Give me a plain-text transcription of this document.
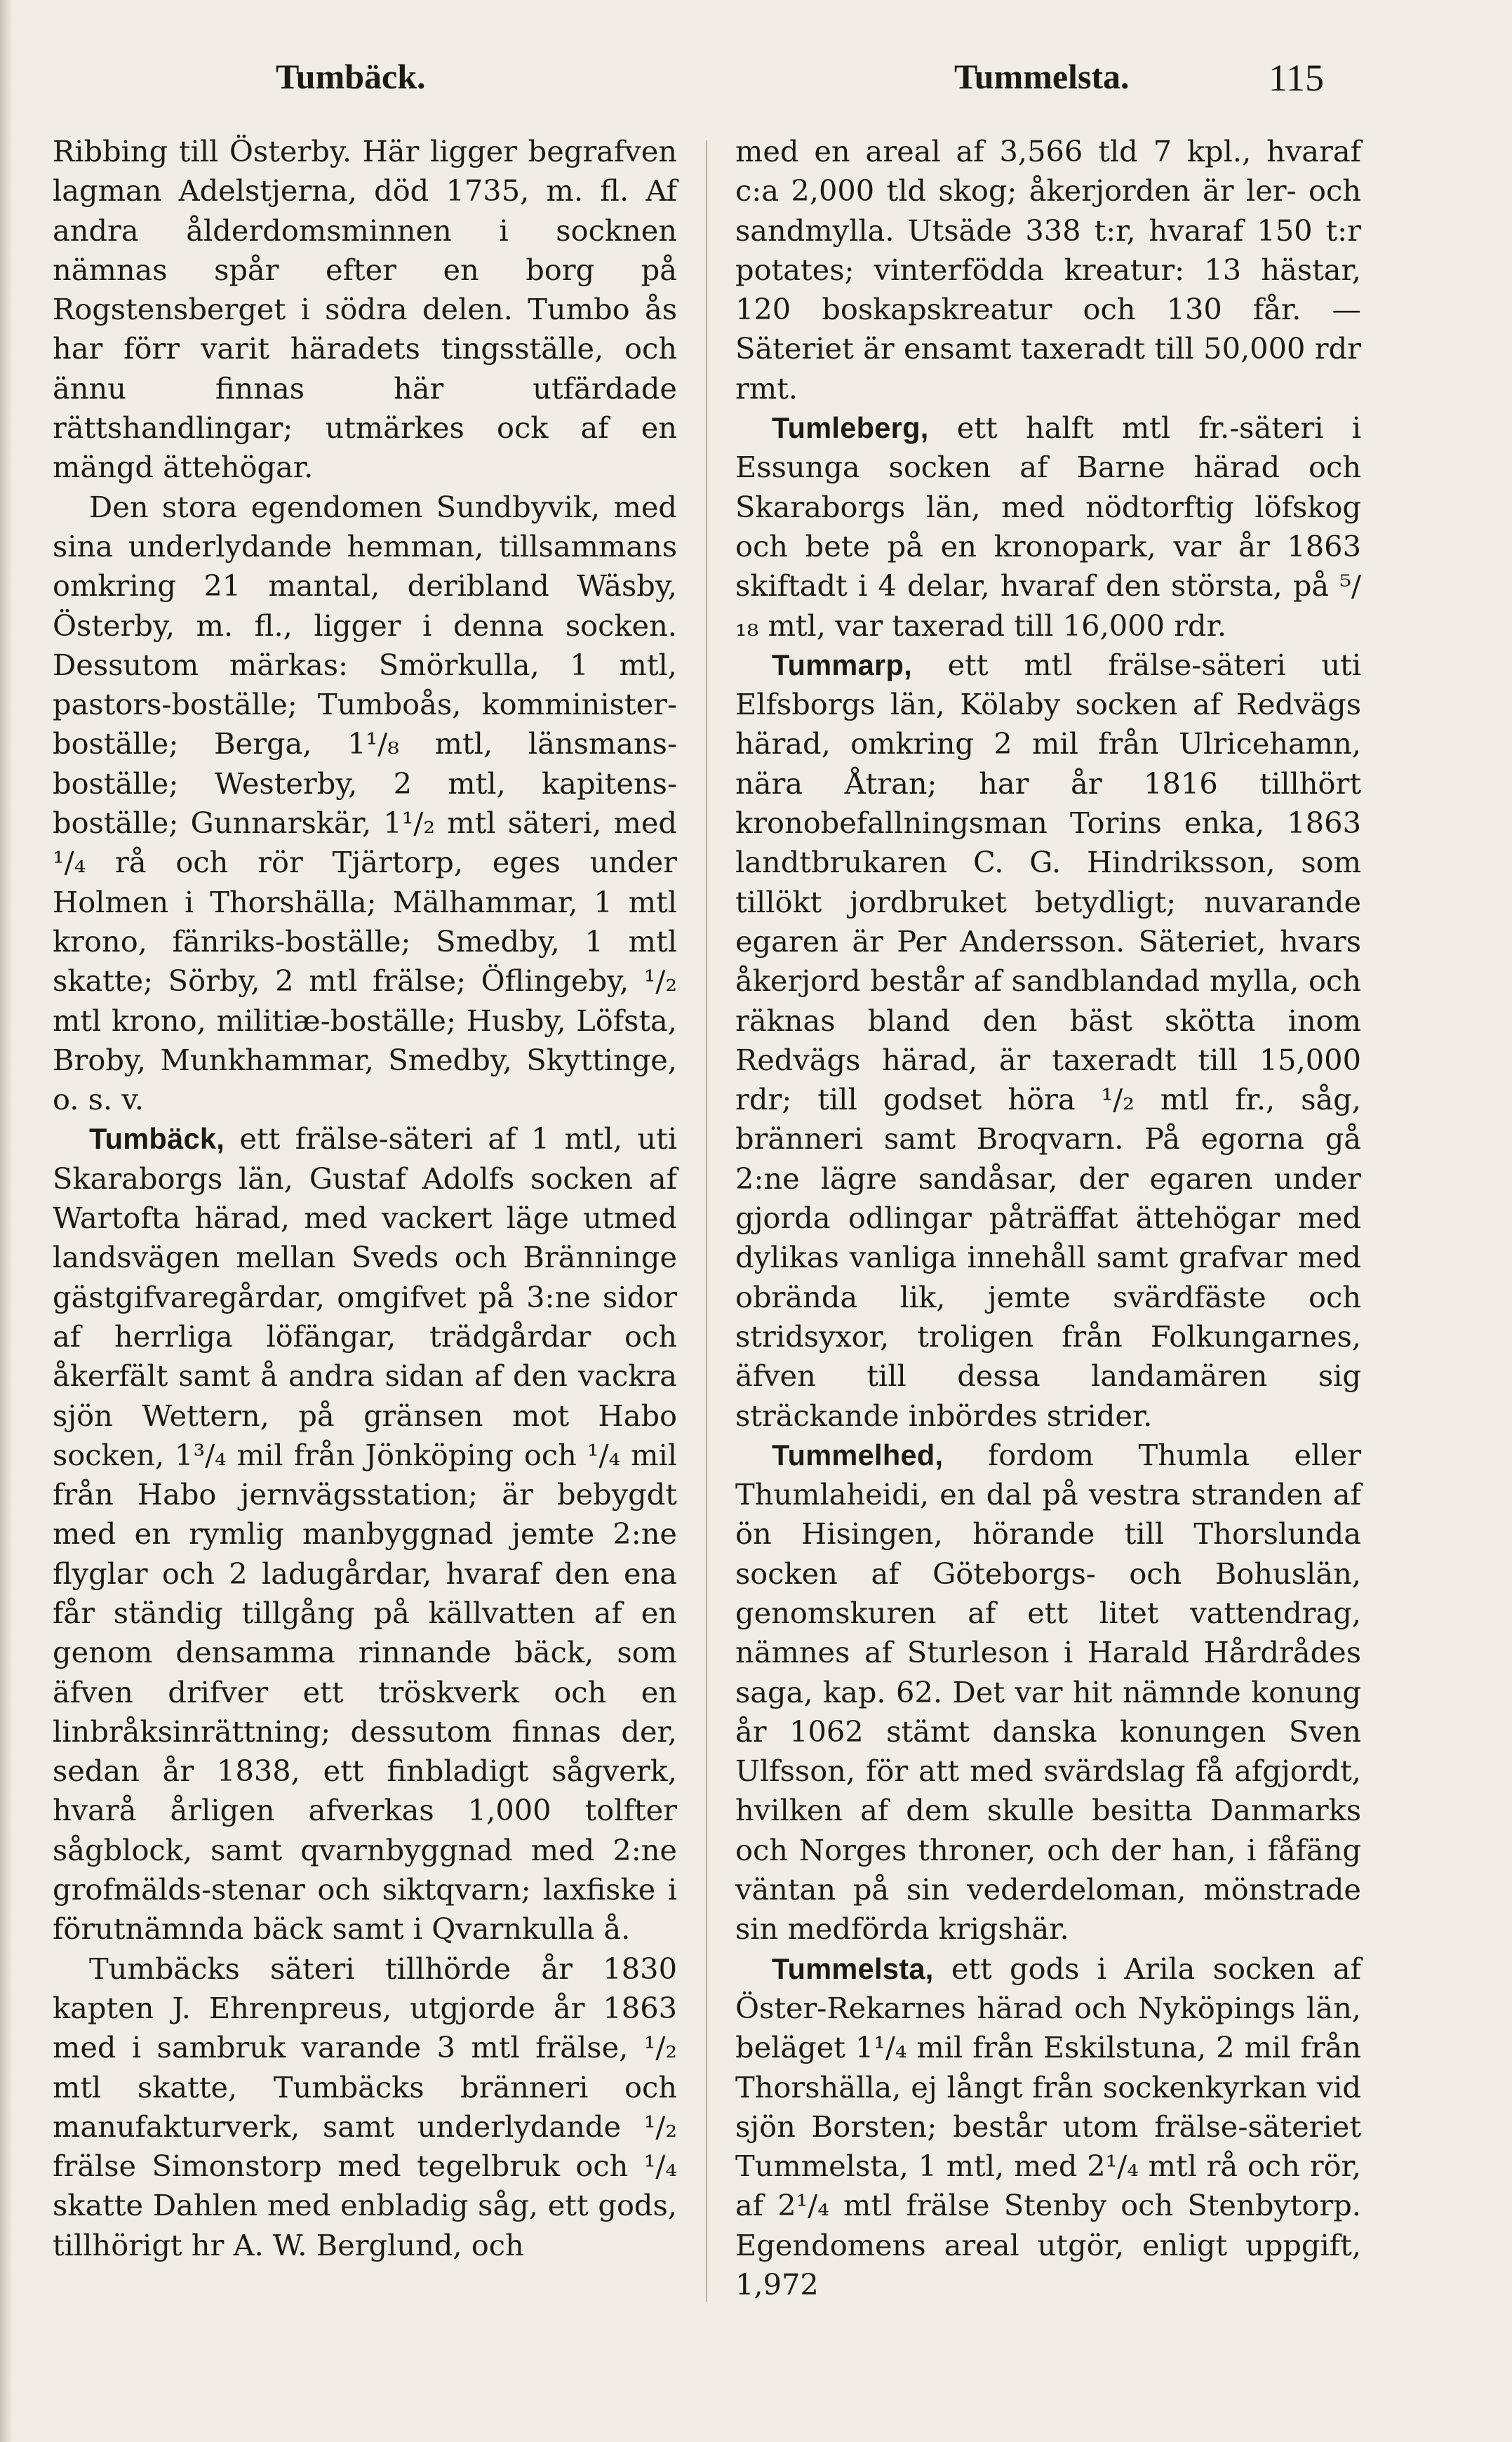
Tumbäck.	Tummelsta.	115

Ribbing till Österby. Här ligger begrafven lagman Adelstjerna, död 1735, m. fl. Af andra ålderdomsminnen i socknen nämnas spår efter en borg på Rogstensberget i södra delen. Tumbo ås har förr varit häradets tingsställe, och ännu finnas här utfärdade rättshandlingar; utmärkes ock af en mängd ättehögar.

Den stora egendomen Sundbyvik, med sina underlydande hemman, tillsammans omkring 21 mantal, deribland Wäsby, Österby, m. fl., ligger i denna socken. Dessutom märkas: Smörkulla, 1 mtl, pastors-boställe; Tumboås, komminister-boställe; Berga, 1¹/₈ mtl, länsmans-boställe; Westerby, 2 mtl, kapitens-boställe; Gunnarskär, 1¹/₂ mtl säteri, med ¹/₄ rå och rör Tjärtorp, eges under Holmen i Thorshälla; Mälhammar, 1 mtl krono, fänriks-boställe; Smedby, 1 mtl skatte; Sörby, 2 mtl frälse; Öflingeby, ¹/₂ mtl krono, militiæ-boställe; Husby, Löfsta, Broby, Munkhammar, Smedby, Skyttinge, o. s. v.

Tumbäck, ett frälse-säteri af 1 mtl, uti Skaraborgs län, Gustaf Adolfs socken af Wartofta härad, med vackert läge utmed landsvägen mellan Sveds och Bränninge gästgifvaregårdar, omgifvet på 3:ne sidor af herrliga löfängar, trädgårdar och åkerfält samt å andra sidan af den vackra sjön Wettern, på gränsen mot Habo socken, 1³/₄ mil från Jönköping och ¹/₄ mil från Habo jernvägsstation; är bebygdt med en rymlig manbyggnad jemte 2:ne flyglar och 2 ladugårdar, hvaraf den ena får ständig tillgång på källvatten af en genom densamma rinnande bäck, som äfven drifver ett tröskverk och en linbråksinrättning; dessutom finnas der, sedan år 1838, ett finbladigt sågverk, hvarå årligen afverkas 1,000 tolfter sågblock, samt qvarnbyggnad med 2:ne grofmälds-stenar och siktqvarn; laxfiske i förutnämnda bäck samt i Qvarnkulla å.

Tumbäcks säteri tillhörde år 1830 kapten J. Ehrenpreus, utgjorde år 1863 med i sambruk varande 3 mtl frälse, ¹/₂ mtl skatte, Tumbäcks bränneri och manufakturverk, samt underlydande ¹/₂ frälse Simonstorp med tegelbruk och ¹/₄ skatte Dahlen med enbladig såg, ett gods, tillhörigt hr A. W. Berglund, och

med en areal af 3,566 tld 7 kpl., hvaraf c:a 2,000 tld skog; åkerjorden är ler- och sandmylla. Utsäde 338 t:r, hvaraf 150 t:r potates; vinterfödda kreatur: 13 hästar, 120 boskapskreatur och 130 får. — Säteriet är ensamt taxeradt till 50,000 rdr rmt.

Tumleberg, ett halft mtl fr.-säteri i Essunga socken af Barne härad och Skaraborgs län, med nödtorftig löfskog och bete på en kronopark, var år 1863 skiftadt i 4 delar, hvaraf den största, på ⁵/₁₈ mtl, var taxerad till 16,000 rdr.

Tummarp, ett mtl frälse-säteri uti Elfsborgs län, Kölaby socken af Redvägs härad, omkring 2 mil från Ulricehamn, nära Åtran; har år 1816 tillhört kronobefallningsman Torins enka, 1863 landtbrukaren C. G. Hindriksson, som tillökt jordbruket betydligt; nuvarande egaren är Per Andersson. Säteriet, hvars åkerjord består af sandblandad mylla, och räknas bland den bäst skötta inom Redvägs härad, är taxeradt till 15,000 rdr; till godset höra ¹/₂ mtl fr., såg, bränneri samt Broqvarn. På egorna gå 2:ne lägre sandåsar, der egaren under gjorda odlingar påträffat ättehögar med dylikas vanliga innehåll samt grafvar med obrända lik, jemte svärdfäste och stridsyxor, troligen från Folkungarnes, äfven till dessa landamären sig sträckande inbördes strider.

Tummelhed, fordom Thumla eller Thumlaheidi, en dal på vestra stranden af ön Hisingen, hörande till Thorslunda socken af Göteborgs- och Bohuslän, genomskuren af ett litet vattendrag, nämnes af Sturleson i Harald Hårdrådes saga, kap. 62. Det var hit nämnde konung år 1062 stämt danska konungen Sven Ulfsson, för att med svärdslag få afgjordt, hvilken af dem skulle besitta Danmarks och Norges throner, och der han, i fåfäng väntan på sin vederdeloman, mönstrade sin medförda krigshär.

Tummelsta, ett gods i Arila socken af Öster-Rekarnes härad och Nyköpings län, beläget 1¹/₄ mil från Eskilstuna, 2 mil från Thorshälla, ej långt från sockenkyrkan vid sjön Borsten; består utom frälse-säteriet Tummelsta, 1 mtl, med 2¹/₄ mtl rå och rör, af 2¹/₄ mtl frälse Stenby och Stenbytorp. Egendomens areal utgör, enligt uppgift, 1,972
